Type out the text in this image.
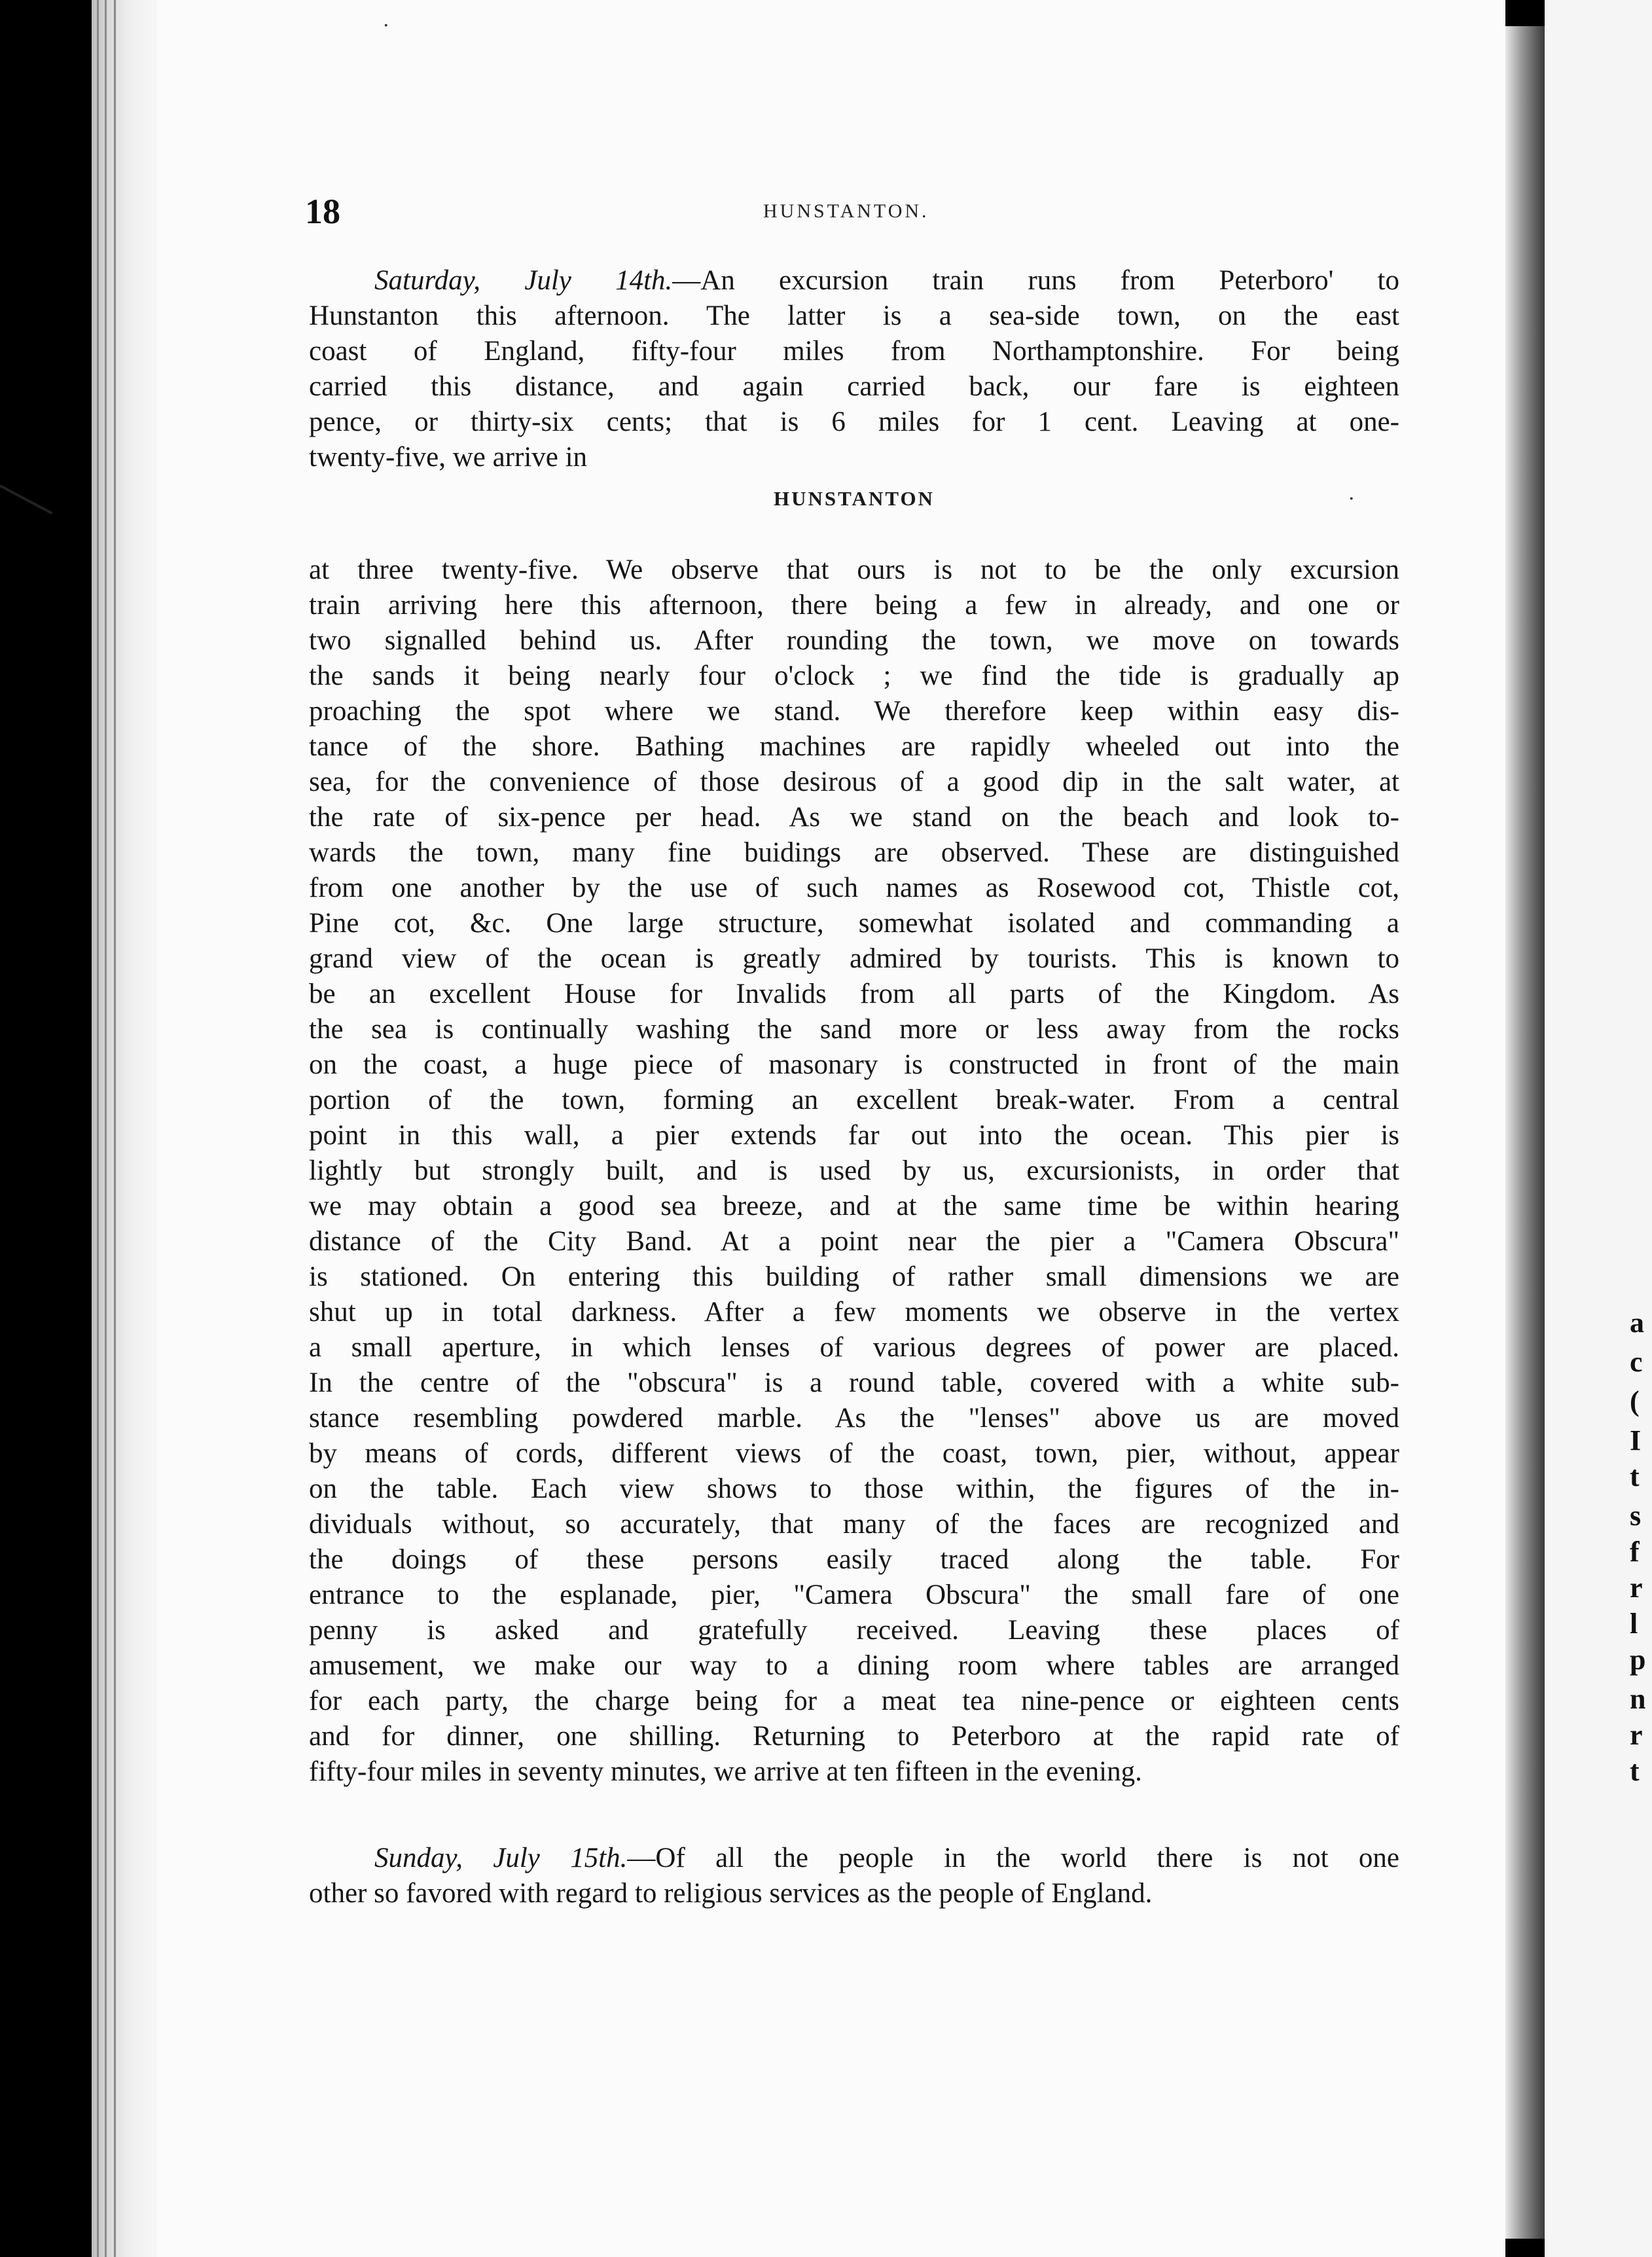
a
c
(
I
t
s
f
r
l
p
n
r
t
·
·
18	HUNSTANTON.

Saturday, July 14th.—An excursion train runs from Peterboro' to

Hunstanton this afternoon. The latter is a sea-side town, on the east

coast of England, fifty-four miles from Northamptonshire. For being

carried this distance, and again carried back, our fare is eighteen

pence, or thirty-six cents; that is 6 miles for 1 cent. Leaving at one-

twenty-five, we arrive in

HUNSTANTON

at three twenty-five. We observe that ours is not to be the only excursion

train arriving here this afternoon, there being a few in already, and one or

two signalled behind us. After rounding the town, we move on towards

the sands it being nearly four o'clock ; we find the tide is gradually ap

proaching the spot where we stand. We therefore keep within easy dis-

tance of the shore. Bathing machines are rapidly wheeled out into the

sea, for the convenience of those desirous of a good dip in the salt water, at

the rate of six-pence per head. As we stand on the beach and look to-

wards the town, many fine buidings are observed. These are distinguished

from one another by the use of such names as Rosewood cot, Thistle cot,

Pine cot, &c. One large structure, somewhat isolated and commanding a

grand view of the ocean is greatly admired by tourists. This is known to

be an excellent House for Invalids from all parts of the Kingdom. As

the sea is continually washing the sand more or less away from the rocks

on the coast, a huge piece of masonary is constructed in front of the main

portion of the town, forming an excellent break-water. From a central

point in this wall, a pier extends far out into the ocean. This pier is

lightly but strongly built, and is used by us, excursionists, in order that

we may obtain a good sea breeze, and at the same time be within hearing

distance of the City Band. At a point near the pier a "Camera Obscura"

is stationed. On entering this building of rather small dimensions we are

shut up in total darkness. After a few moments we observe in the vertex

a small aperture, in which lenses of various degrees of power are placed.

In the centre of the "obscura" is a round table, covered with a white sub-

stance resembling powdered marble. As the "lenses" above us are moved

by means of cords, different views of the coast, town, pier, without, appear

on the table. Each view shows to those within, the figures of the in-

dividuals without, so accurately, that many of the faces are recognized and

the doings of these persons easily traced along the table. For

entrance to the esplanade, pier, "Camera Obscura" the small fare of one

penny is asked and gratefully received. Leaving these places of

amusement, we make our way to a dining room where tables are arranged

for each party, the charge being for a meat tea nine-pence or eighteen cents

and for dinner, one shilling. Returning to Peterboro at the rapid rate of

fifty-four miles in seventy minutes, we arrive at ten fifteen in the evening.

Sunday, July 15th.—Of all the people in the world there is not one

other so favored with regard to religious services as the people of England.
